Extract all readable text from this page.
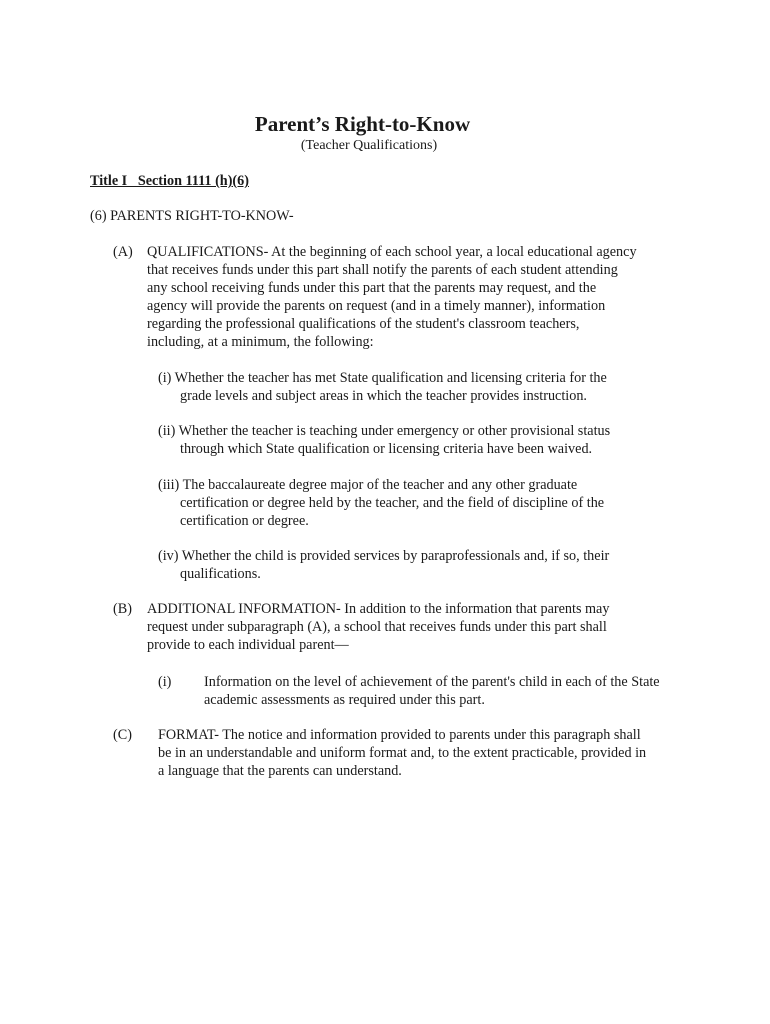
Parent’s Right-to-Know
(Teacher Qualifications)
Title I   Section 1111 (h)(6)
(6) PARENTS RIGHT-TO-KNOW-
(A) QUALIFICATIONS- At the beginning of each school year, a local educational agency that receives funds under this part shall notify the parents of each student attending any school receiving funds under this part that the parents may request, and the agency will provide the parents on request (and in a timely manner), information regarding the professional qualifications of the student's classroom teachers, including, at a minimum, the following:
(i) Whether the teacher has met State qualification and licensing criteria for the
grade levels and subject areas in which the teacher provides instruction.
(ii) Whether the teacher is teaching under emergency or other provisional status
through which State qualification or licensing criteria have been waived.
(iii) The baccalaureate degree major of the teacher and any other graduate
certification or degree held by the teacher, and the field of discipline of the certification or degree.
(iv) Whether the child is provided services by paraprofessionals and, if so, their
qualifications.
(B) ADDITIONAL INFORMATION- In addition to the information that parents may request under subparagraph (A), a school that receives funds under this part shall provide to each individual parent—
(i) Information on the level of achievement of the parent's child in each of the State academic assessments as required under this part.
(C) FORMAT- The notice and information provided to parents under this paragraph shall be in an understandable and uniform format and, to the extent practicable, provided in a language that the parents can understand.
